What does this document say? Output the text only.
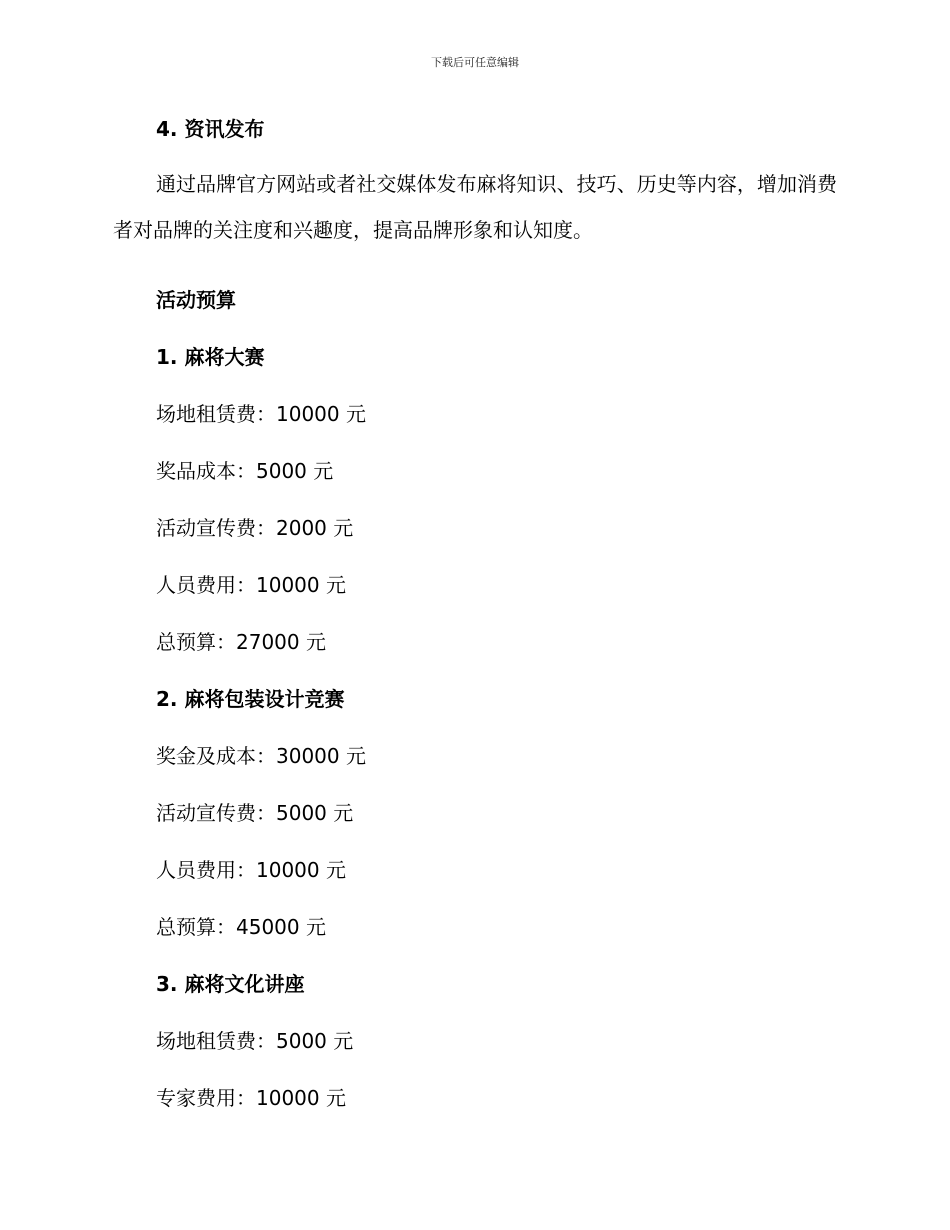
下载后可任意编辑

4. 资讯发布

通过品牌官方网站或者社交媒体发布麻将知识、技巧、历史等内容，增加消费者对品牌的关注度和兴趣度，提高品牌形象和认知度。

活动预算

1. 麻将大赛

场地租赁费：10000 元

奖品成本：5000 元

活动宣传费：2000 元

人员费用：10000 元

总预算：27000 元

2. 麻将包装设计竞赛

奖金及成本：30000 元

活动宣传费：5000 元

人员费用：10000 元

总预算：45000 元

3. 麻将文化讲座

场地租赁费：5000 元

专家费用：10000 元
